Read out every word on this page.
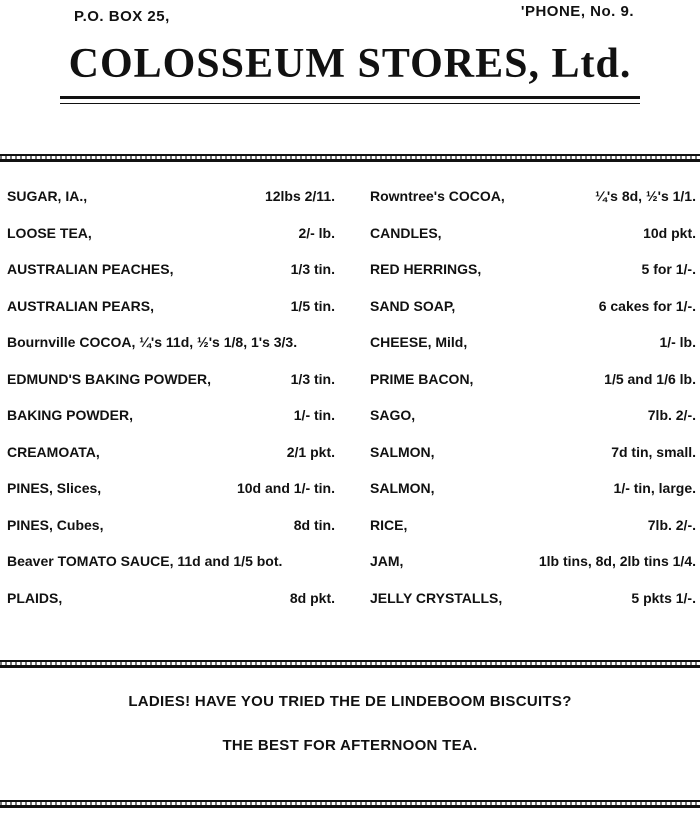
P.O. BOX 25,	'PHONE, No. 9.
COLOSSEUM STORES, Ltd.
SUGAR, IA.,	12lbs 2/11.
LOOSE TEA,	2/- lb.
AUSTRALIAN PEACHES,	1/3 tin.
AUSTRALIAN PEARS,	1/5 tin.
Bournville COCOA, ¼'s 11d, ½'s 1/8, 1's 3/3.
EDMUND'S BAKING POWDER,	1/3 tin.
BAKING POWDER,	1/- tin.
CREAMOATA,	2/1 pkt.
PINES, Slices,	10d and 1/- tin.
PINES, Cubes,	8d tin.
Beaver TOMATO SAUCE, 11d and 1/5 bot.
PLAIDS,	8d pkt.
Rowntree's COCOA,	¼'s 8d, ½'s 1/1.
CANDLES,	10d pkt.
RED HERRINGS,	5 for 1/-.
SAND SOAP,	6 cakes for 1/-.
CHEESE, Mild,	1/- lb.
PRIME BACON,	1/5 and 1/6 lb.
SAGO,	7lb. 2/-.
SALMON,	7d tin, small.
SALMON,	1/- tin, large.
RICE,	7lb. 2/-.
JAM,	1lb tins, 8d, 2lb tins 1/4.
JELLY CRYSTALLS,	5 pkts 1/-.
LADIES! HAVE YOU TRIED THE DE LINDEBOOM BISCUITS?
THE BEST FOR AFTERNOON TEA.
